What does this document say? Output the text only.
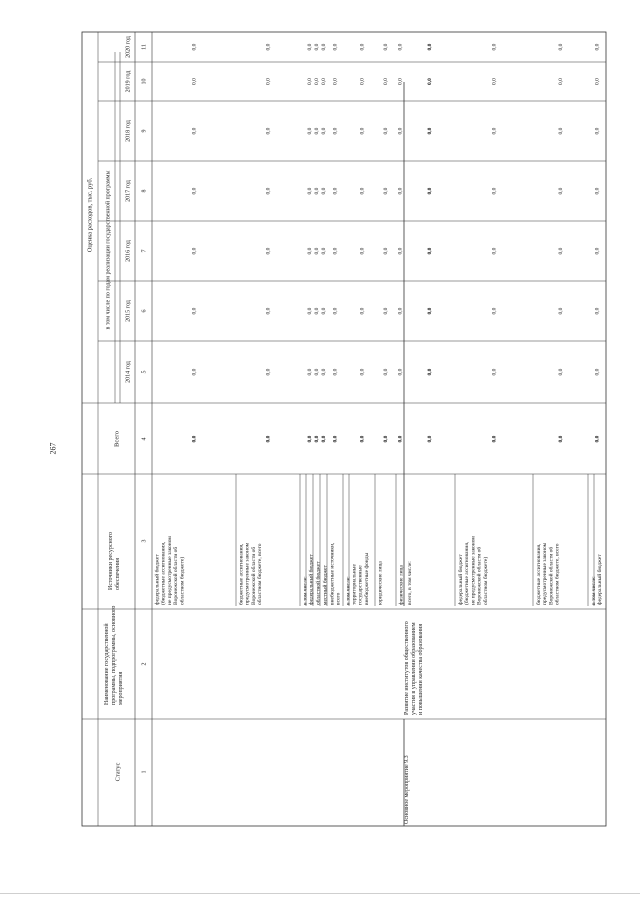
267
Статус
Наименование государственной программы, подпрограммы, основного мероприятия
Источники ресурсного обеспечения
Оценка расходов, тыс. руб.
Всего
в том числе по годам реализации государственной программы
2014 год
2015 год
2016 год
2017 год
2018 год
2019 год
2020 год
1
2
3
4
5
6
7
8
9
10
11
федеральный бюджет (бюджетные ассигнования, не предусмотренные законом Воронежской области об областном бюджете)
0,0
0,0
0,0
0,0
0,0
0,0
0,0
0,0
бюджетные ассигнования, предусмотренные законом Воронежской области об областном бюджете, всего
0,0
0,0
0,0
0,0
0,0
0,0
0,0
0,0
в том числе: федеральный бюджет
0,0
0,0
0,0
0,0
0,0
0,0
0,0
0,0
областной бюджет
0,0
0,0
0,0
0,0
0,0
0,0
0,0
0,0
местный бюджет
0,0
0,0
0,0
0,0
0,0
0,0
0,0
0,0
внебюджетные источники, всего
0,0
0,0
0,0
0,0
0,0
0,0
0,0
0,0
в том числе: территориальные государственные внебюджетные фонды
0,0
0,0
0,0
0,0
0,0
0,0
0,0
0,0
юридические лица
0,0
0,0
0,0
0,0
0,0
0,0
0,0
0,0
физические лица
0,0
0,0
0,0
0,0
0,0
0,0
0,0
0,0
Основное мероприятие 9.3
Развитие институтов общественного участия в управлении образованием и повышении качества образования
всего, в том числе:
0,0
0,0
0,0
0,0
0,0
0,0
0,0
0,0
федеральный бюджет (бюджетные ассигнования, не предусмотренные законом Воронежской области об областном бюджете)
0,0
0,0
0,0
0,0
0,0
0,0
0,0
0,0
бюджетные ассигнования, предусмотренные законом Воронежской области об областном бюджете, всего
0,0
0,0
0,0
0,0
0,0
0,0
0,0
0,0
в том числе: федеральный бюджет
0,0
0,0
0,0
0,0
0,0
0,0
0,0
0,0
